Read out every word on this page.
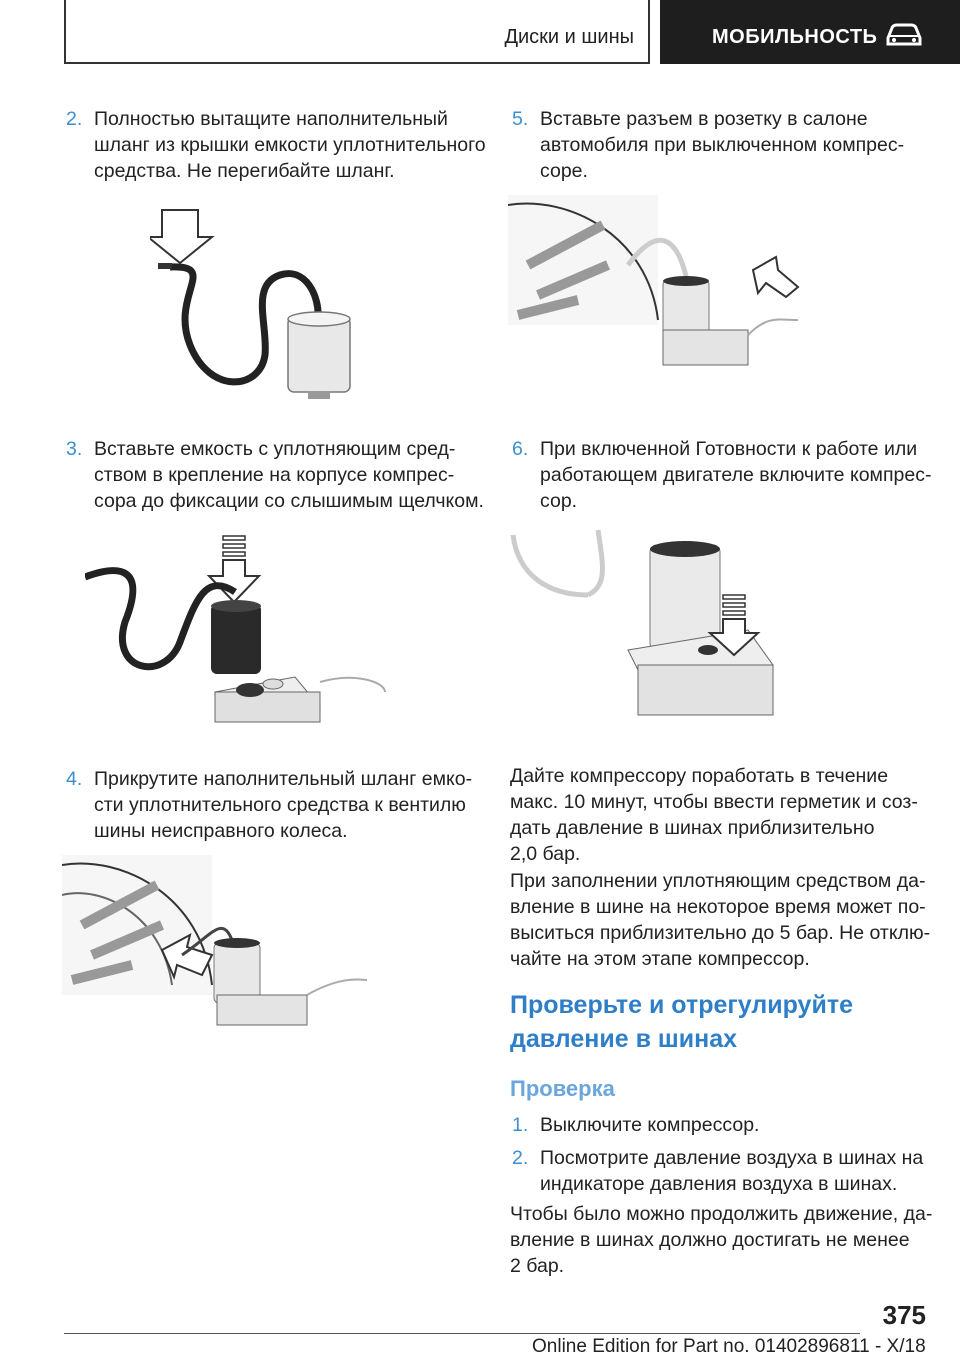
Диски и шины	МОБИЛЬНОСТЬ
2. Полностью вытащите наполнительный
шланг из крышки емкости уплотнительного
средства. Не перегибайте шланг.
3. Вставьте емкость с уплотняющим сред-
ством в крепление на корпусе компрес-
сора до фиксации со слышимым щелчком.
4. Прикрутите наполнительный шланг емко-
сти уплотнительного средства к вентилю
шины неисправного колеса.
5. Вставьте разъем в розетку в салоне
автомобиля при выключенном компрес-
соре.
6. При включенной Готовности к работе или
работающем двигателе включите компрес-
сор.
Дайте компрессору поработать в течение
макс. 10 минут, чтобы ввести герметик и соз-
дать давление в шинах приблизительно
2,0 бар.
При заполнении уплотняющим средством да-
вление в шине на некоторое время может по-
выситься приблизительно до 5 бар. Не отклю-
чайте на этом этапе компрессор.
Проверьте и отрегулируйте
давление в шинах
Проверка
1. Выключите компрессор.
2. Посмотрите давление воздуха в шинах на
индикаторе давления воздуха в шинах.
Чтобы было можно продолжить движение, да-
вление в шинах должно достигать не менее
2 бар.
375
Online Edition for Part no. 01402896811 - X/18
